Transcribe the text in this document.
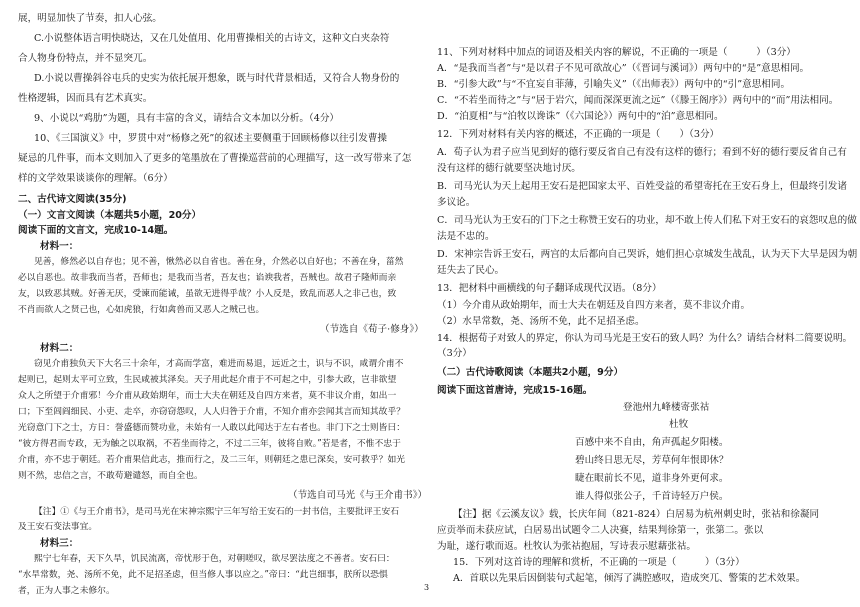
展，明显加快了节奏，扣人心弦。
C.小说整体语言明快晓达，又在几处值用、化用曹操相关的古诗文，这种文白夹杂符
合人物身份特点，并不显突兀。
D.小说以曹操斜谷屯兵的史实为依托展开想象，既与时代背景相适，又符合人物身份的
性格逻辑，因而具有艺术真实。
9、小说以“鸡肋”为题，具有丰富的含义，请结合文本加以分析。（4分）
10、《三国演义》中，罗贯中对“杨修之死”的叙述主要侧重于回顾杨修以往引发曹操
疑忌的几件事，而本文则加入了更多的笔墨放在了曹操巡营前的心理描写，这一改写带来了怎
样的文学效果谈谈你的理解。（6分）
二、古代诗文阅读(35分)
（一）文言文阅读（本题共5小题，20分）
阅读下面的文言文，完成10-14题。
材料一：
见善，修然必以自存也；见不善，愀然必以自省也。善在身，介然必以自好也；不善在身，菑然
必以自恶也。故非我而当者，吾师也；是我而当者，吾友也；谄谀我者，吾贼也。故君子隆师而亲
友，以致恶其贼。好善无厌，受谏而能诫，虽欲无进得乎哉？小人反是，致乱而恶人之非己也，致
不肖而欲人之贤己也，心如虎狼，行如禽兽而又恶人之贼己也。
（节选自《荀子·修身》）
材料二：
窃见介甫独负天下大名三十余年，才高而学富，难进而易退，远近之士，识与不识，咸谓介甫不
起则已，起则太平可立致，生民咸被其泽矣。天子用此起介甫于不可起之中，引参大政，岂非欲望
众人之所望于介甫邪！今介甫从政始期年，而士大夫在朝廷及自四方来者，莫不非议介甫，如出一
口；下至闾阎细民、小吏、走卒，亦窃窃怨叹，人人归咎于介甫，不知介甫亦尝闻其言而知其故乎？
光窃意门下之士，方日：誉盛德而赞功业，未始有一人敢以此闻达于左右者也。非门下之士则皆曰：
“彼方得君而专政，无为触之以取祸，不若坐而待之，不过二三年，彼将自败。”若是者，不惟不忠于
介甫，亦不忠于朝廷。若介甫果信此志，推而行之，及二三年，则朝廷之患已深矣，安可救乎？如光
则不然，忠信之言，不敢苟避谴怒，而自全也。
（节选自司马光《与王介甫书》）
【注】①《与王介甫书》，是司马光在宋神宗熙宁三年写给王安石的一封书信，主要批评王安石
及王安石变法事宜。
材料三：
熙宁七年春，天下久旱，饥民流离，帝忧形于色，对朝嗟叹，欲尽罢法度之不善者。安石曰：
“水旱常数，尧、汤所不免，此不足招圣虑，但当修人事以应之。”帝曰：“此岂细事，朕所以恐惧
者，正为人事之未修尔。
11、下列对材料中加点的词语及相关内容的解说，不正确的一项是（　　　）（3分）
A．“是我而当者”与“是以君子不见可欲故心”（《晋词与溪词》）两句中的“是”意思相同。
B．“引参大政”与“不宜妄自菲薄，引喻失义”（《出师表》）两句中的“引”意思相同。
C．“不若坐而待之”与“居于岩穴，闻而深深更流之远”（《滕王阁序》）两句中的“而”用法相同。
D．“泊夏相”与“泊牧以谗诛”（《六国论》）两句中的“泊”意思相同。
12．下列对材料有关内容的概述，不正确的一项是（　　）（3分）
A．荀子认为君子应当见到好的德行要反省自己有没有这样的德行；看到不好的德行要反省自己有
没有这样的德行就要坚决地讨厌。
B．司马光认为天上起用王安石是把国家太平、百姓受益的希望寄托在王安石身上，但最终引发诸
多议论。
C．司马光认为王安石的门下之士称赞王安石的功业，却不敢上传人们私下对王安石的哀怨叹息的做
法是不忠的。
D．宋神宗告诉王安石，两宫的太后都向自己哭诉，她们担心京城发生战乱，认为天下大旱是因为朝
廷失去了民心。
13．把材料中画横线的句子翻译成现代汉语。（8分）
（1）今介甫从政始期年，而士大夫在朝廷及自四方来者，莫不非议介甫。
（2）水旱常数，尧、汤所不免，此不足招圣虑。
14．根据荀子对致人的界定，你认为司马光是王安石的致人吗？为什么？请结合材料二简要说明。
（3分）
（二）古代诗歌阅读（本题共2小题，9分）
阅读下面这首唐诗，完成15-16题。
登池州九峰楼寄张祜
杜牧
百感中来不自由，角声孤起夕阳楼。
碧山终日思无尽，芳草何年恨即休？
睫在眼前长不见，道非身外更何求。
谁人得似张公子，千首诗轻万户侯。
【注】据《云溪友议》载，长庆年间（821-824）白居易为杭州刺史时，张祜和徐凝同
应贡举而未获应试，白居易出试题令二人决赛，结果判徐第一，张第二。张以
为耻，遂行歌而返。杜牧认为张祜抱屈，写诗表示慰藉张祜。
15．下列对这首诗的理解和赏析，不正确的一项是（　　　）（3分）
A．首联以先果后因倒装句式起笔，倾泻了满腔感叹，造成突兀、警策的艺术效果。
3
